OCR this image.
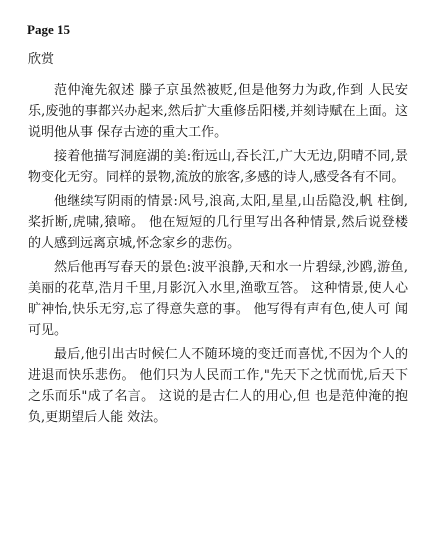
Page 15
欣赏

范仲淹先叙述 滕子京虽然被贬,但是他努力为政,作到 人民安乐,废弛的事都兴办起来,然后扩大重修岳阳楼,并刻诗赋在上面。这 说明他从事 保存古迹的重大工作。

接着他描写洞庭湖的美:衔远山,吞长江,广大无边,阴晴不同,景物变化无穷。同样的景物,流放的旅客,多感的诗人,感受各有不同。

他继续写阴雨的情景:风号,浪高,太阳,星星,山岳隐没,帆 柱倒,桨折断,虎啸,猿啼。 他在短短的几行里写出各种情景,然后说登楼的人感到远离京城,怀念家乡的悲伤。

然后他再写春天的景色:波平浪静,天和水一片碧绿,沙鸥,游鱼,美丽的花草,浩月千里,月影沉入水里,渔歌互答。 这种情景,使人心旷神怡,快乐无穷,忘了得意失意的事。 他写得有声有色,使人可 闻可见。

最后,他引出古时候仁人不随环境的变迁而喜忧,不因为个人的进退而快乐悲伤。 他们只为人民而工作,"先天下之忧而忧,后天下之乐而乐"成了名言。 这说的是古仁人的用心,但 也是范仲淹的抱负,更期望后人能 效法。
